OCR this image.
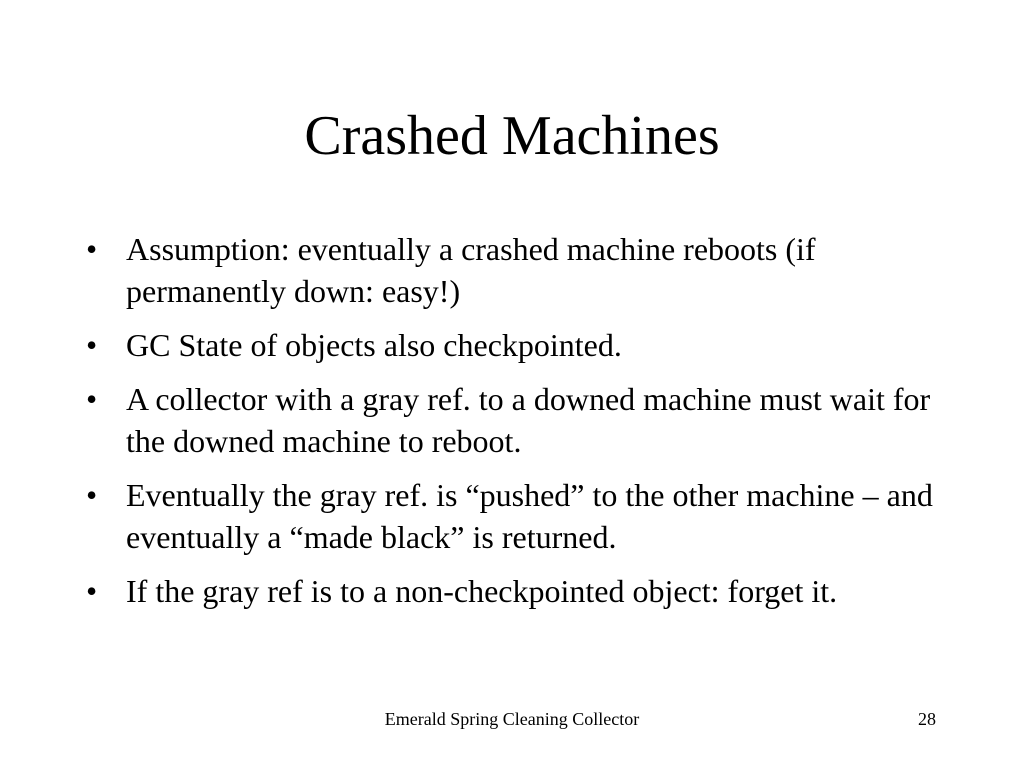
Crashed Machines
• Assumption: eventually a crashed machine reboots (if permanently down: easy!)
• GC State of objects also checkpointed.
• A collector with a gray ref. to a downed machine must wait for the downed machine to reboot.
• Eventually the gray ref. is “pushed” to the other machine – and eventually a “made black” is returned.
• If the gray ref is to a non-checkpointed object: forget it.
Emerald Spring Cleaning Collector	28
